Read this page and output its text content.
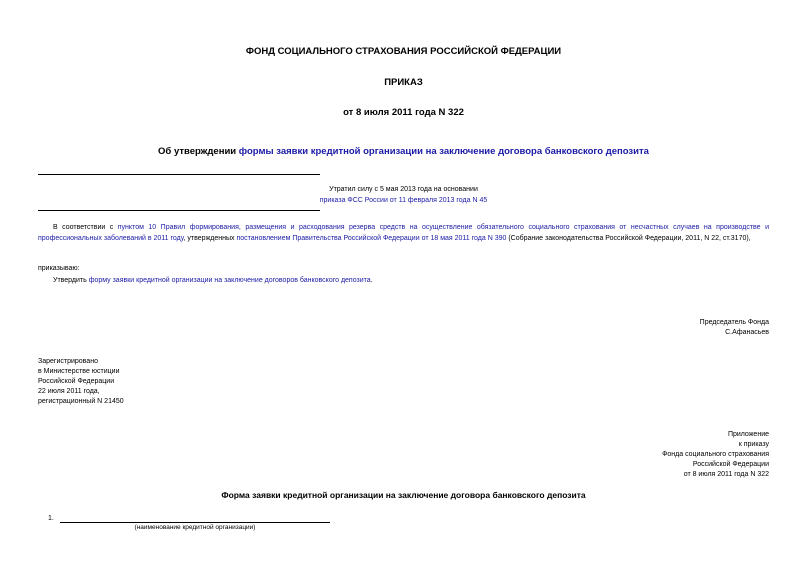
ФОНД СОЦИАЛЬНОГО СТРАХОВАНИЯ РОССИЙСКОЙ ФЕДЕРАЦИИ
ПРИКАЗ
от 8 июля 2011 года N 322
Об утверждении формы заявки кредитной организации на заключение договора банковского депозита
Утратил силу с 5 мая 2013 года на основании
приказа ФСС России от 11 февраля 2013 года N 45
В соответствии с пунктом 10 Правил формирования, размещения и расходования резерва средств на осуществление обязательного социального страхования от несчастных случаев на производстве и профессиональных заболеваний в 2011 году, утвержденных постановлением Правительства Российской Федерации от 18 мая 2011 года N 390 (Собрание законодательства Российской Федерации, 2011, N 22, ст.3170),
приказываю:
Утвердить форму заявки кредитной организации на заключение договоров банковского депозита.
Председатель Фонда
С.Афанасьев
Зарегистрировано
в Министерстве юстиции
Российской Федерации
22 июля 2011 года,
регистрационный N 21450
Приложение
к приказу
Фонда социального страхования
Российской Федерации
от 8 июля 2011 года N 322
Форма заявки кредитной организации на заключение договора банковского депозита
1.
(наименование кредитной организации)
